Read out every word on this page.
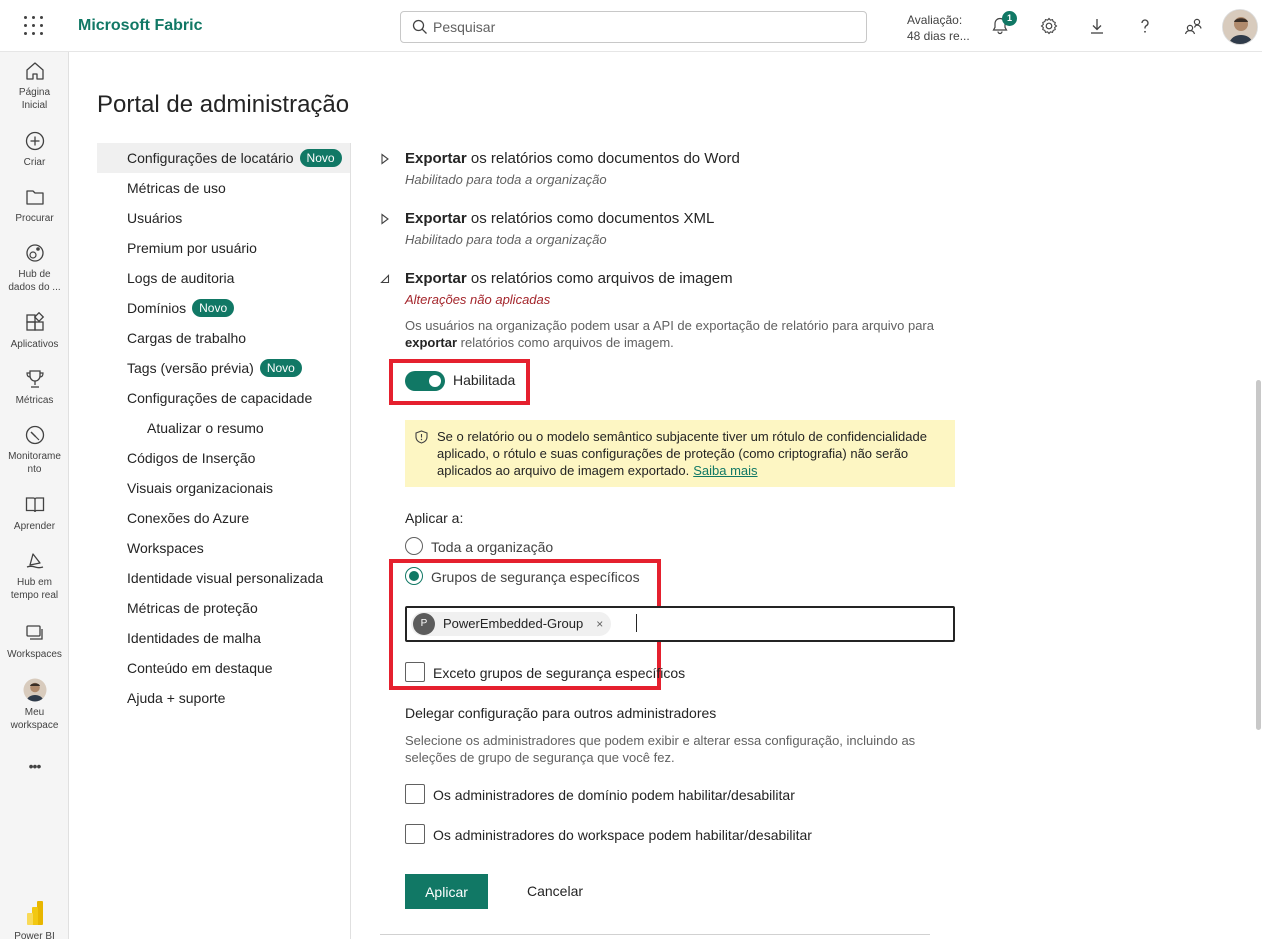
Microsoft Fabric
Pesquisar	Avaliação:
48 dias re...
1
Página Inicial
Criar
Procurar
Hub de dados do ...
Aplicativos
Métricas
Monitoramento
Aprender
Hub em tempo real
Workspaces
Meu workspace
•••
Power BI
Portal de administração
Configurações de locatário Novo
Métricas de uso
Usuários
Premium por usuário
Logs de auditoria
Domínios Novo
Cargas de trabalho
Tags (versão prévia) Novo
Configurações de capacidade
Atualizar o resumo
Códigos de Inserção
Visuais organizacionais
Conexões do Azure
Workspaces
Identidade visual personalizada
Métricas de proteção
Identidades de malha
Conteúdo em destaque
Ajuda + suporte
Exportar os relatórios como documentos do Word
Habilitado para toda a organização
Exportar os relatórios como documentos XML
Habilitado para toda a organização
Exportar os relatórios como arquivos de imagem
Alterações não aplicadas
Os usuários na organização podem usar a API de exportação de relatório para arquivo para exportar relatórios como arquivos de imagem.
Habilitada
Se o relatório ou o modelo semântico subjacente tiver um rótulo de confidencialidade aplicado, o rótulo e suas configurações de proteção (como criptografia) não serão aplicados ao arquivo de imagem exportado. Saiba mais
Aplicar a:
Toda a organização
Grupos de segurança específicos
P	PowerEmbedded-Group ×
Exceto grupos de segurança específicos
Delegar configuração para outros administradores
Selecione os administradores que podem exibir e alterar essa configuração, incluindo as seleções de grupo de segurança que você fez.
Os administradores de domínio podem habilitar/desabilitar
Os administradores do workspace podem habilitar/desabilitar
Aplicar	Cancelar
